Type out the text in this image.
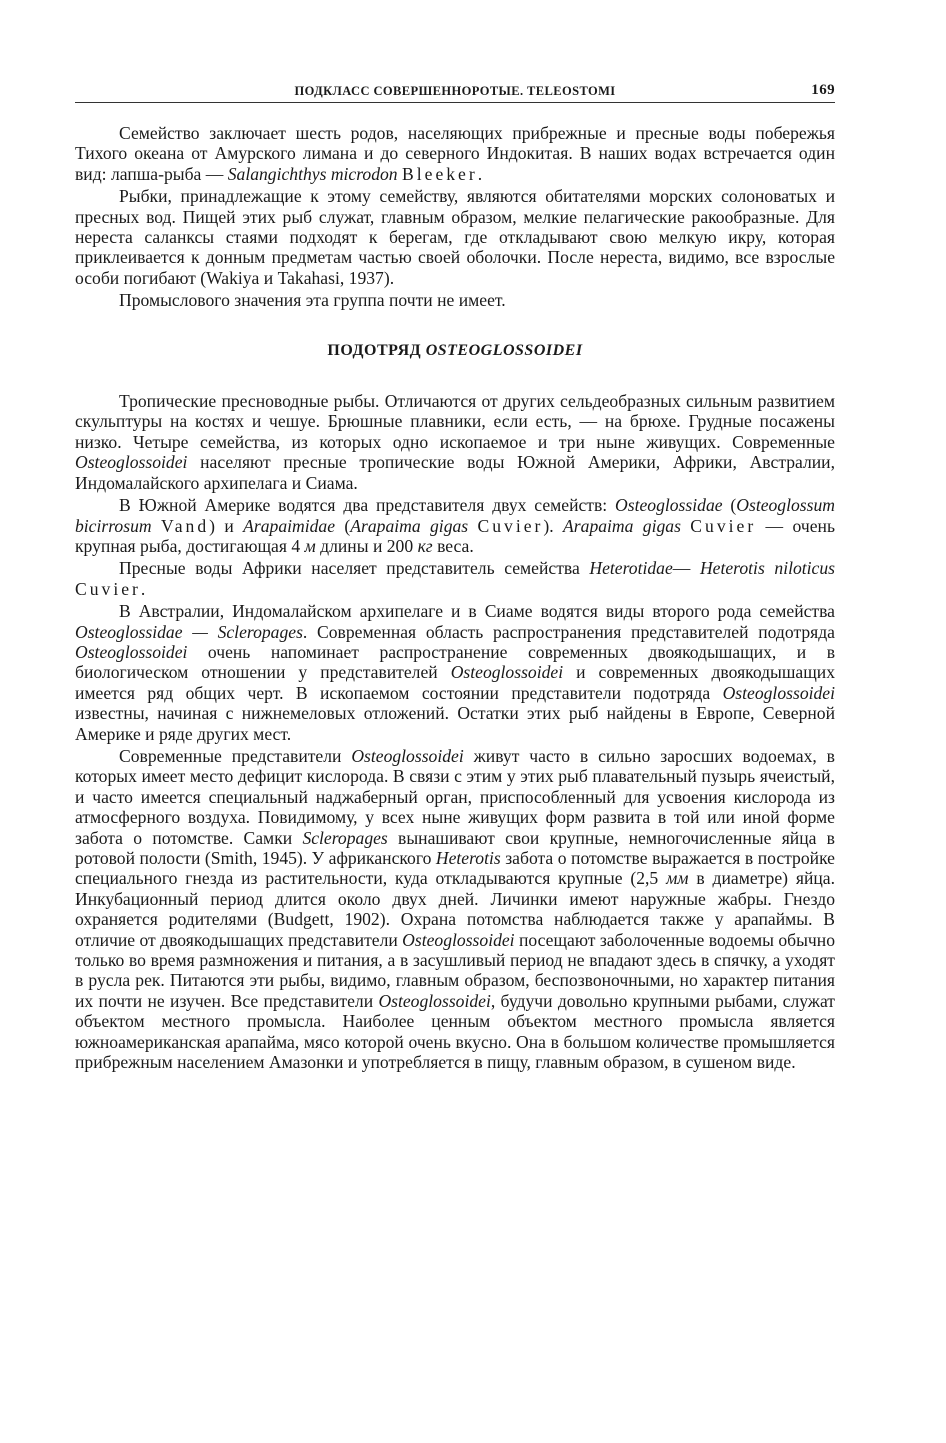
ПОДКЛАСС СОВЕРШЕННОРОТЫЕ. TELEOSTOMI	169

Семейство заключает шесть родов, населяющих прибрежные и пресные воды побережья Тихого океана от Амурского лимана и до северного Индокитая. В наших водах встречается один вид: лапша-рыба — Salangichthys microdon Bleeker.

Рыбки, принадлежащие к этому семейству, являются обитателями морских солоноватых и пресных вод. Пищей этих рыб служат, главным образом, мелкие пелагические ракообразные. Для нереста саланксы стаями подходят к берегам, где откладывают свою мелкую икру, которая приклеивается к донным предметам частью своей оболочки. После нереста, видимо, все взрослые особи погибают (Wakiya и Takahasi, 1937).

Промыслового значения эта группа почти не имеет.

ПОДОТРЯД OSTEOGLOSSOIDEI

Тропические пресноводные рыбы. Отличаются от других сельдеобразных сильным развитием скульптуры на костях и чешуе. Брюшные плавники, если есть, — на брюхе. Грудные посажены низко. Четыре семейства, из которых одно ископаемое и три ныне живущих. Современные Osteoglossoidei населяют пресные тропические воды Южной Америки, Африки, Австралии, Индомалайского архипелага и Сиама.

В Южной Америке водятся два представителя двух семейств: Osteoglossidae (Osteoglossum bicirrosum Vand) и Arapaimidae (Arapaima gigas Cuvier). Arapaima gigas Cuvier — очень крупная рыба, достигающая 4 м длины и 200 кг веса.

Пресные воды Африки населяет представитель семейства Heterotidae— Heterotis niloticus Cuvier.

В Австралии, Индомалайском архипелаге и в Сиаме водятся виды второго рода семейства Osteoglossidae — Scleropages. Современная область распространения представителей подотряда Osteoglossoidei очень напоминает распространение современных двоякодышащих, и в биологическом отношении у представителей Osteoglossoidei и современных двоякодышащих имеется ряд общих черт. В ископаемом состоянии представители подотряда Osteoglossoidei известны, начиная с нижнемеловых отложений. Остатки этих рыб найдены в Европе, Северной Америке и ряде других мест.

Современные представители Osteoglossoidei живут часто в сильно заросших водоемах, в которых имеет место дефицит кислорода. В связи с этим у этих рыб плавательный пузырь ячеистый, и часто имеется специальный наджаберный орган, приспособленный для усвоения кислорода из атмосферного воздуха. Повидимому, у всех ныне живущих форм развита в той или иной форме забота о потомстве. Самки Scleropages вынашивают свои крупные, немногочисленные яйца в ротовой полости (Smith, 1945). У африканского Heterotis забота о потомстве выражается в постройке специального гнезда из растительности, куда откладываются крупные (2,5 мм в диаметре) яйца. Инкубационный период длится около двух дней. Личинки имеют наружные жабры. Гнездо охраняется родителями (Budgett, 1902). Охрана потомства наблюдается также у арапаймы. В отличие от двоякодышащих представители Osteoglossoidei посещают заболоченные водоемы обычно только во время размножения и питания, а в засушливый период не впадают здесь в спячку, а уходят в русла рек. Питаются эти рыбы, видимо, главным образом, беспозвоночными, но характер питания их почти не изучен. Все представители Osteoglossoidei, будучи довольно крупными рыбами, служат объектом местного промысла. Наиболее ценным объектом местного промысла является южноамериканская арапайма, мясо которой очень вкусно. Она в большом количестве промышляется прибрежным населением Амазонки и употребляется в пищу, главным образом, в сушеном виде.
